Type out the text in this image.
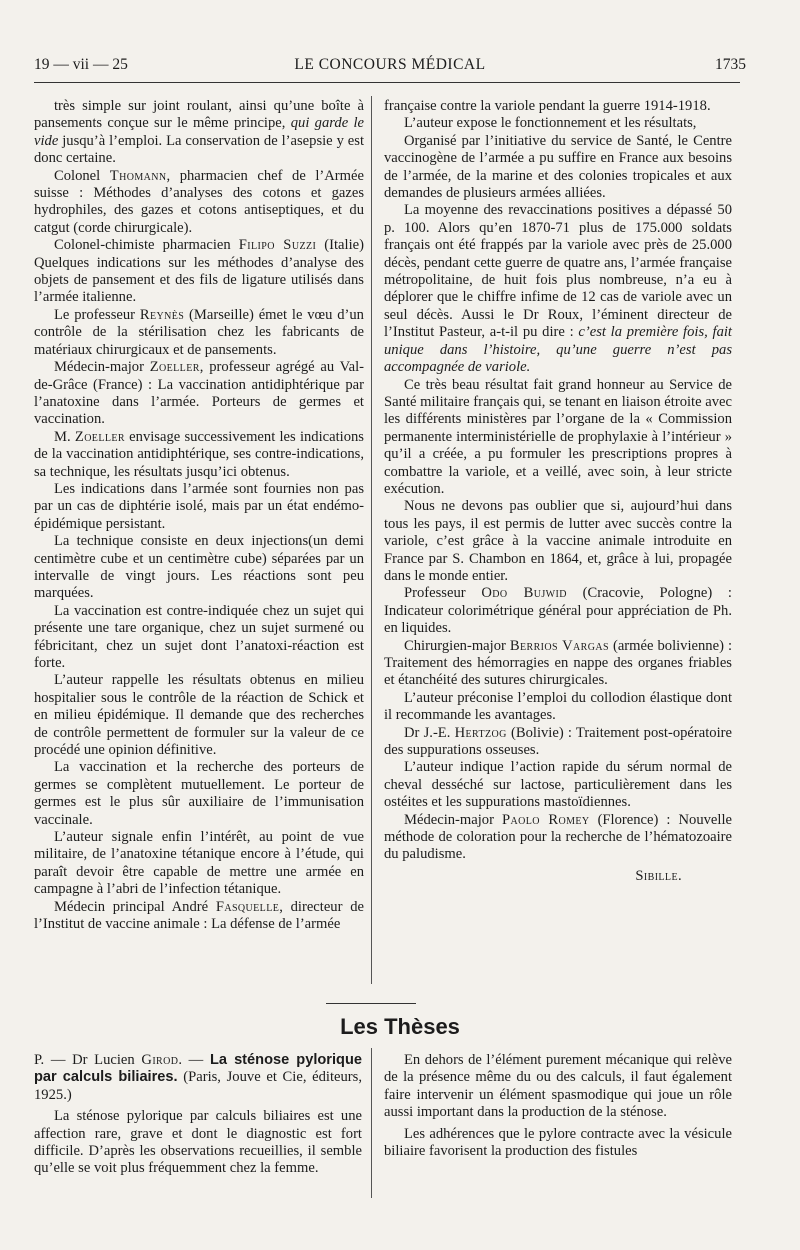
19 — vii — 25	LE CONCOURS MÉDICAL	1735

très simple sur joint roulant, ainsi qu’une boîte à pansements conçue sur le même principe, qui garde le vide jusqu’à l’emploi. La conservation de l’asepsie y est donc certaine.

Colonel Thomann, pharmacien chef de l’Armée suisse : Méthodes d’analyses des cotons et gazes hydrophiles, des gazes et cotons antiseptiques, et du catgut (corde chirurgicale).

Colonel-chimiste pharmacien Filipo Suzzi (Italie) Quelques indications sur les méthodes d’analyse des objets de pansement et des fils de ligature utilisés dans l’armée italienne.

Le professeur Reynès (Marseille) émet le vœu d’un contrôle de la stérilisation chez les fabricants de matériaux chirurgicaux et de pansements.

Médecin-major Zoeller, professeur agrégé au Val-de-Grâce (France) : La vaccination antidiphtérique par l’anatoxine dans l’armée. Porteurs de germes et vaccination.

M. Zoeller envisage successivement les indications de la vaccination antidiphtérique, ses contre-indications, sa technique, les résultats jusqu’ici obtenus.

Les indications dans l’armée sont fournies non pas par un cas de diphtérie isolé, mais par un état endémo-épidémique persistant.

La technique consiste en deux injections(un demi centimètre cube et un centimètre cube) séparées par un intervalle de vingt jours. Les réactions sont peu marquées.

La vaccination est contre-indiquée chez un sujet qui présente une tare organique, chez un sujet surmené ou fébricitant, chez un sujet dont l’anatoxi-réaction est forte.

L’auteur rappelle les résultats obtenus en milieu hospitalier sous le contrôle de la réaction de Schick et en milieu épidémique. Il demande que des recherches de contrôle permettent de formuler sur la valeur de ce procédé une opinion définitive.

La vaccination et la recherche des porteurs de germes se complètent mutuellement. Le porteur de germes est le plus sûr auxiliaire de l’immunisation vaccinale.

L’auteur signale enfin l’intérêt, au point de vue militaire, de l’anatoxine tétanique encore à l’étude, qui paraît devoir être capable de mettre une armée en campagne à l’abri de l’infection tétanique.

Médecin principal André Fasquelle, directeur de l’Institut de vaccine animale : La défense de l’armée

française contre la variole pendant la guerre 1914-1918.

L’auteur expose le fonctionnement et les résultats,

Organisé par l’initiative du service de Santé, le Centre vaccinogène de l’armée a pu suffire en France aux besoins de l’armée, de la marine et des colonies tropicales et aux demandes de plusieurs armées alliées.

La moyenne des revaccinations positives a dépassé 50 p. 100. Alors qu’en 1870-71 plus de 175.000 soldats français ont été frappés par la variole avec près de 25.000 décès, pendant cette guerre de quatre ans, l’armée française métropolitaine, de huit fois plus nombreuse, n’a eu à déplorer que le chiffre infime de 12 cas de variole avec un seul décès. Aussi le Dr Roux, l’éminent directeur de l’Institut Pasteur, a-t-il pu dire : c’est la première fois, fait unique dans l’histoire, qu’une guerre n’est pas accompagnée de variole.

Ce très beau résultat fait grand honneur au Service de Santé militaire français qui, se tenant en liaison étroite avec les différents ministères par l’organe de la « Commission permanente interministérielle de prophylaxie à l’intérieur » qu’il a créée, a pu formuler les prescriptions propres à combattre la variole, et a veillé, avec soin, à leur stricte exécution.

Nous ne devons pas oublier que si, aujourd’hui dans tous les pays, il est permis de lutter avec succès contre la variole, c’est grâce à la vaccine animale introduite en France par S. Chambon en 1864, et, grâce à lui, propagée dans le monde entier.

Professeur Odo Bujwid (Cracovie, Pologne) : Indicateur colorimétrique général pour appréciation de Ph. en liquides.

Chirurgien-major Berrios Vargas (armée bolivienne) : Traitement des hémorragies en nappe des organes friables et étanchéité des sutures chirurgicales.

L’auteur préconise l’emploi du collodion élastique dont il recommande les avantages.

Dr J.-E. Hertzog (Bolivie) : Traitement post-opératoire des suppurations osseuses.

L’auteur indique l’action rapide du sérum normal de cheval desséché sur lactose, particulièrement dans les ostéites et les suppurations mastoïdiennes.

Médecin-major Paolo Romey (Florence) : Nouvelle méthode de coloration pour la recherche de l’hématozoaire du paludisme.

Sibille.
Les Thèses

P. — Dr Lucien Girod. — La sténose pylorique par calculs biliaires. (Paris, Jouve et Cie, éditeurs, 1925.)

La sténose pylorique par calculs biliaires est une affection rare, grave et dont le diagnostic est fort difficile. D’après les observations recueillies, il semble qu’elle se voit plus fréquemment chez la femme.

En dehors de l’élément purement mécanique qui relève de la présence même du ou des calculs, il faut également faire intervenir un élément spasmodique qui joue un rôle aussi important dans la production de la sténose.

Les adhérences que le pylore contracte avec la vésicule biliaire favorisent la production des fistules
